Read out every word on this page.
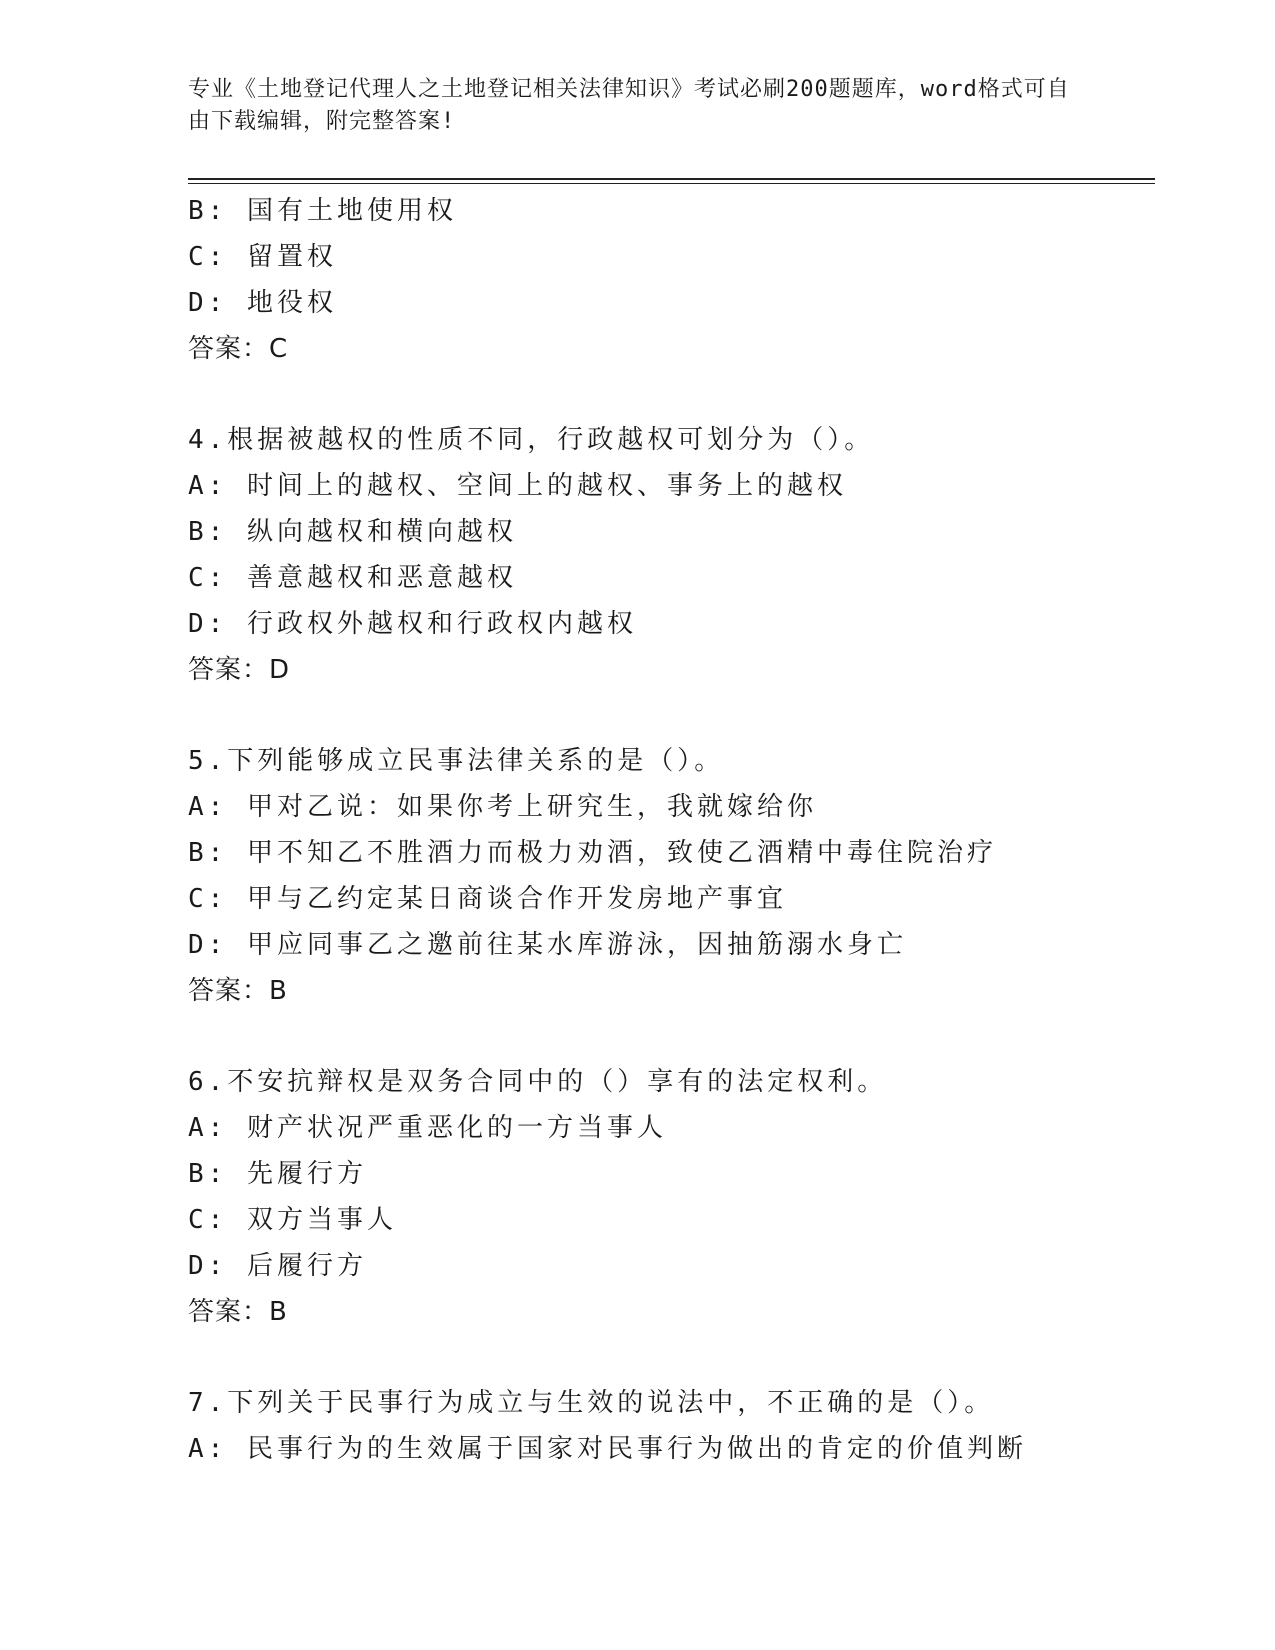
专业《土地登记代理人之土地登记相关法律知识》考试必刷200题题库，word格式可自由下载编辑，附完整答案!
B: 国有土地使用权
C: 留置权
D: 地役权
答案：C
4.根据被越权的性质不同，行政越权可划分为（）。
A: 时间上的越权、空间上的越权、事务上的越权
B: 纵向越权和横向越权
C: 善意越权和恶意越权
D: 行政权外越权和行政权内越权
答案：D
5.下列能够成立民事法律关系的是（）。
A: 甲对乙说：如果你考上研究生，我就嫁给你
B: 甲不知乙不胜酒力而极力劝酒，致使乙酒精中毒住院治疗
C: 甲与乙约定某日商谈合作开发房地产事宜
D: 甲应同事乙之邀前往某水库游泳，因抽筋溺水身亡
答案：B
6.不安抗辩权是双务合同中的（）享有的法定权利。
A: 财产状况严重恶化的一方当事人
B: 先履行方
C: 双方当事人
D: 后履行方
答案：B
7.下列关于民事行为成立与生效的说法中，不正确的是（）。
A: 民事行为的生效属于国家对民事行为做出的肯定的价值判断
